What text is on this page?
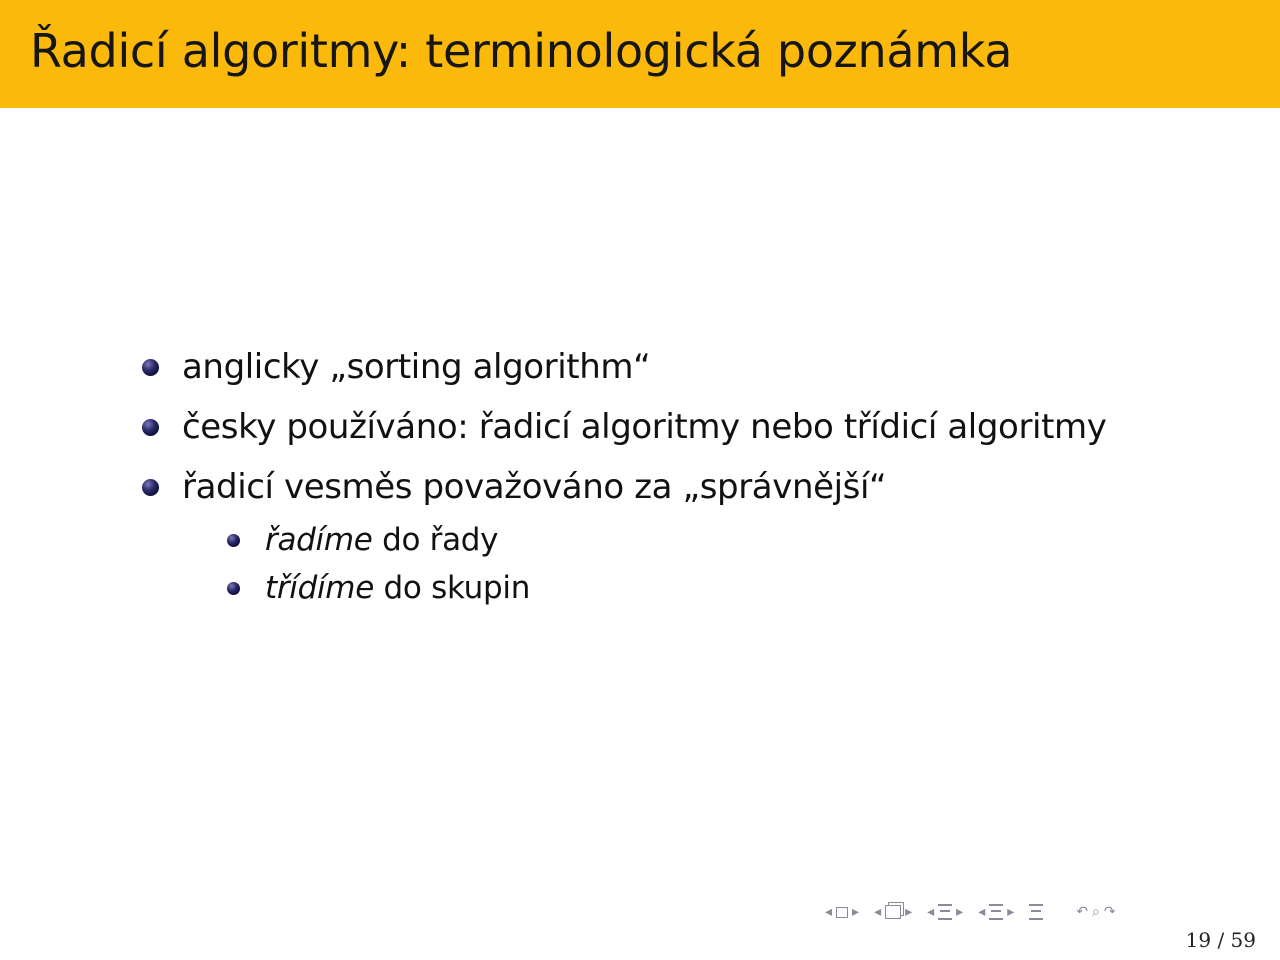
Řadicí algoritmy: terminologická poznámka
anglicky „sorting algorithm“
česky používáno: řadicí algoritmy nebo třídicí algoritmy
řadicí vesměs považováno za „správnější“
řadíme do řady
třídíme do skupin
◂ ▸ ◂ ▸ ◂ ▸ ◂ ▸	↶ ⌕ ↷
19 / 59
